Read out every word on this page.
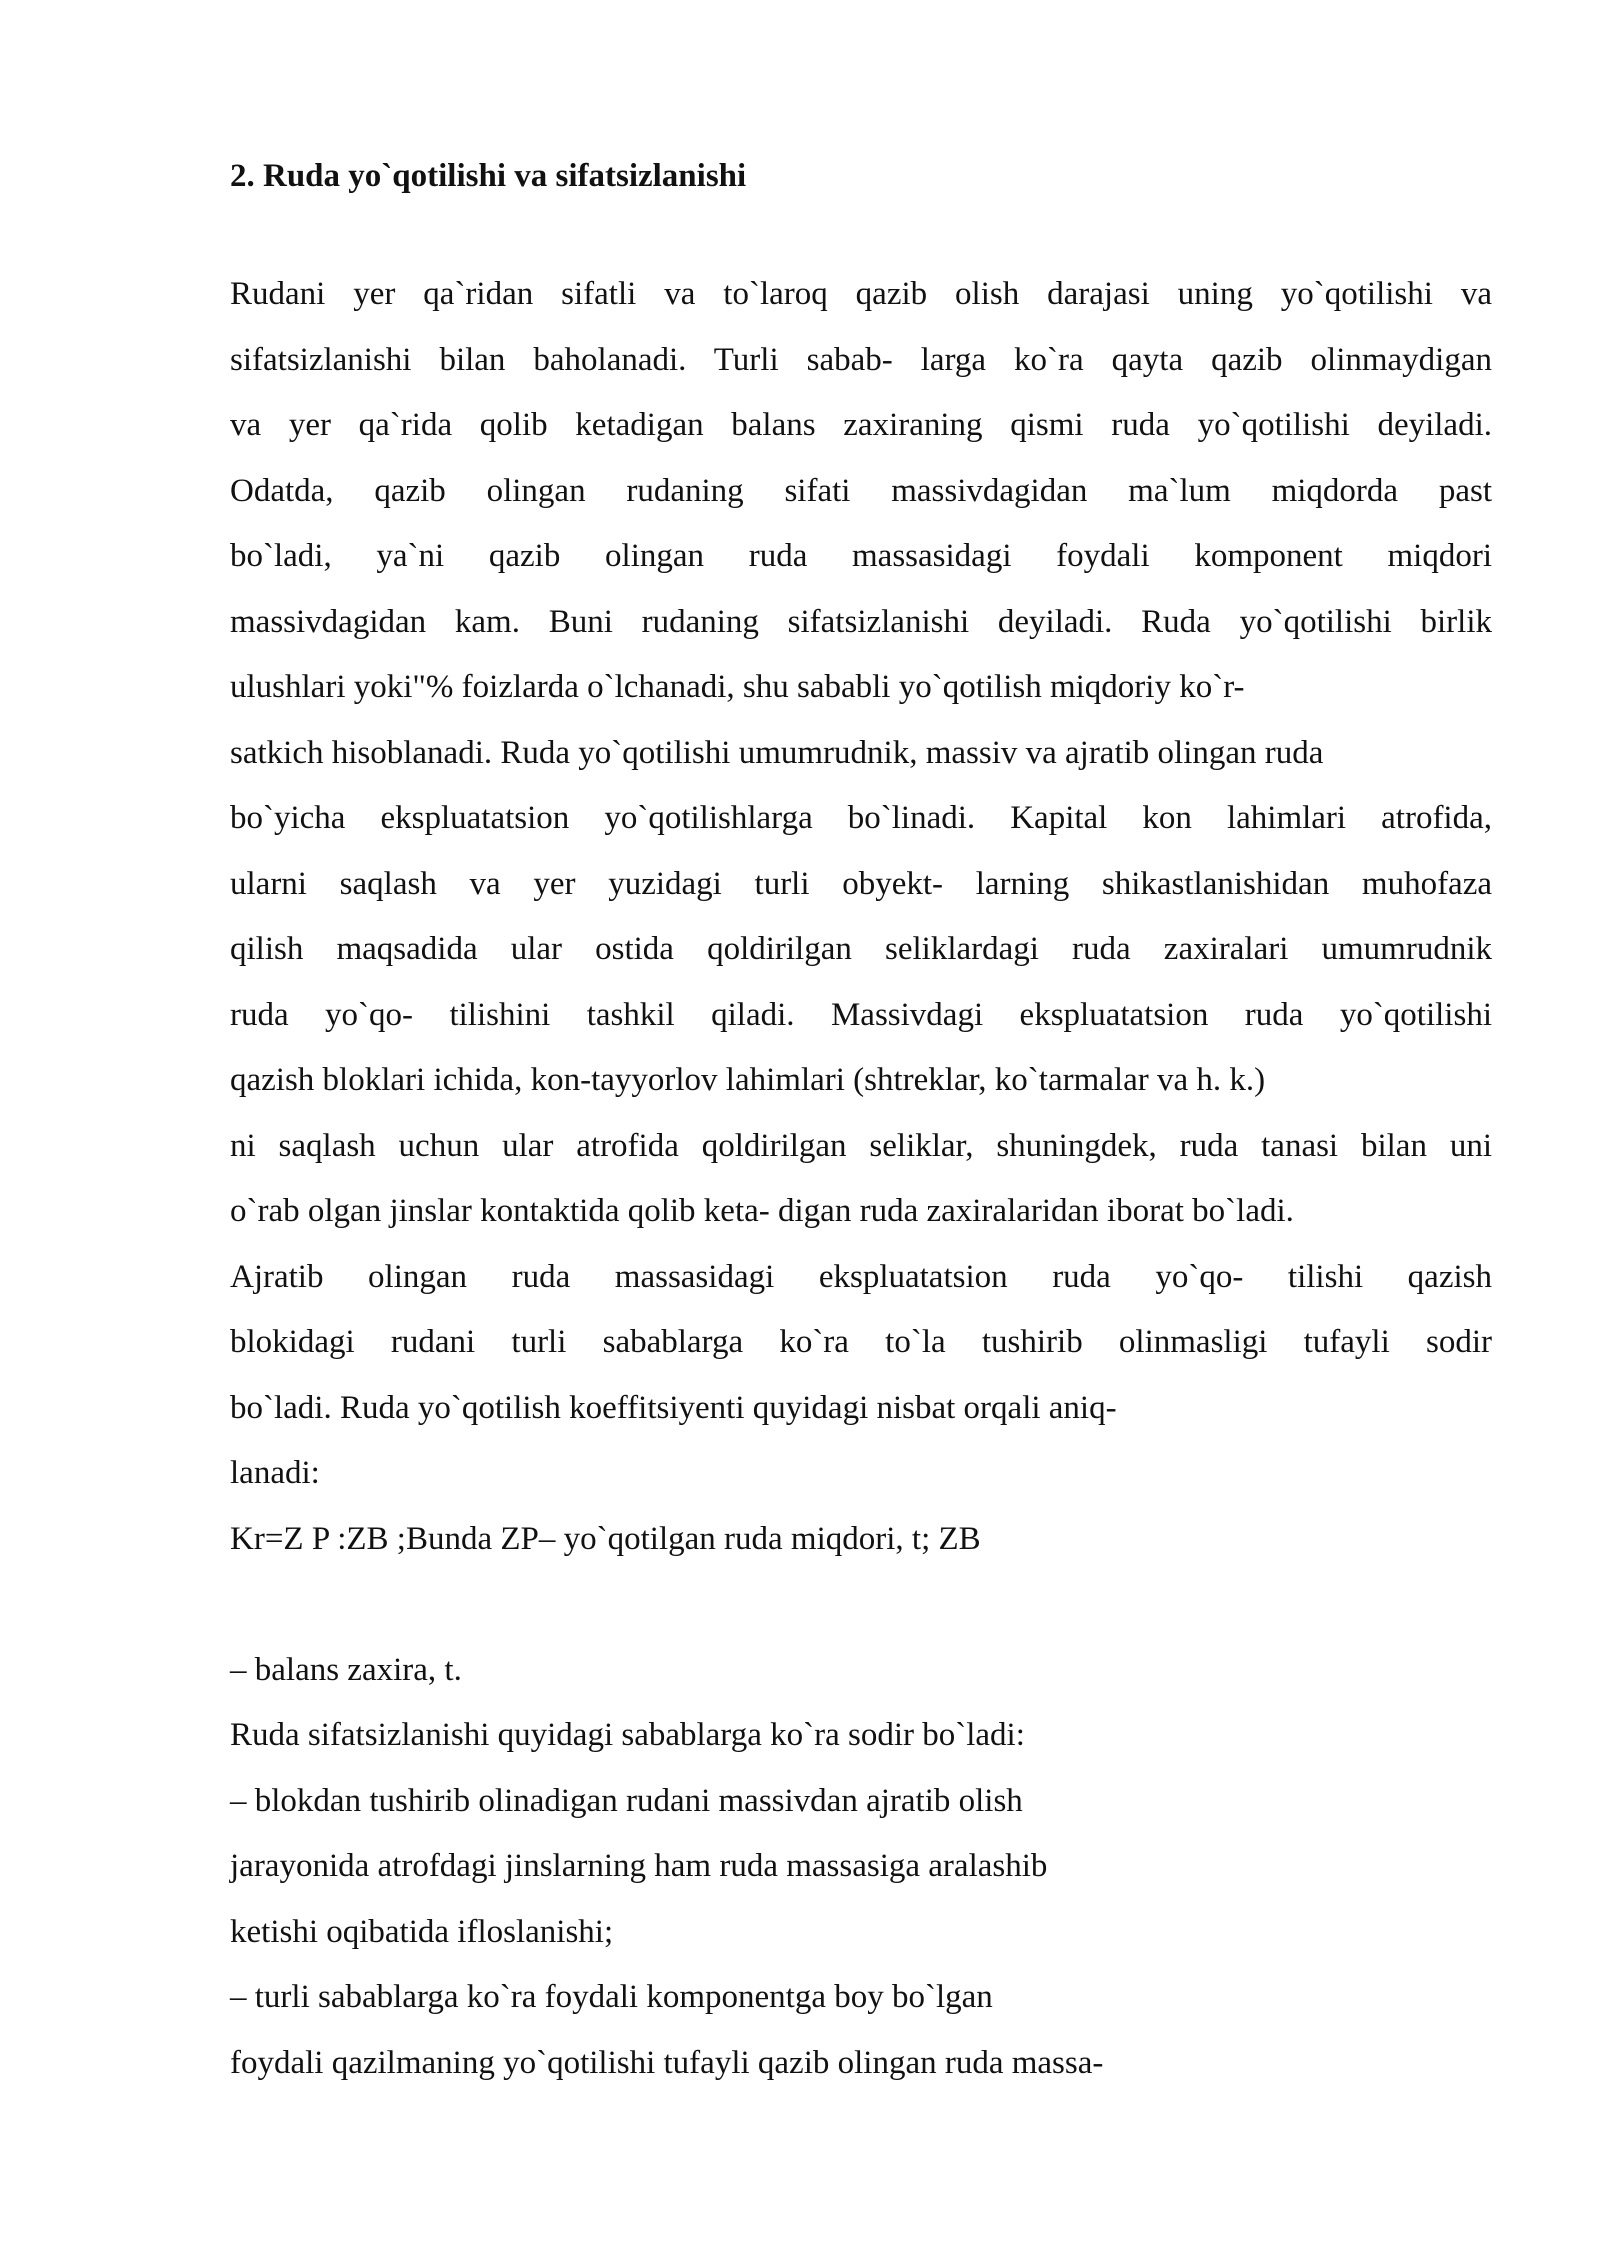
2. Ruda yo`qotilishi va sifatsizlanishi
Rudani yer qa`ridan sifatli va to`laroq qazib olish darajasi uning yo`qotilishi va
sifatsizlanishi bilan baholanadi. Turli sabab- larga ko`ra qayta qazib olinmaydigan
va yer qa`rida qolib ketadigan balans zaxiraning qismi ruda yo`qotilishi deyiladi.
Odatda, qazib olingan rudaning sifati massivdagidan ma`lum miqdorda past
bo`ladi, ya`ni qazib olingan ruda massasidagi foydali komponent miqdori
massivdagidan kam. Buni rudaning sifatsizlanishi deyiladi. Ruda yo`qotilishi birlik
ulushlari yoki"% foizlarda o`lchanadi, shu sababli yo`qotilish miqdoriy ko`r-
satkich hisoblanadi. Ruda yo`qotilishi umumrudnik, massiv va ajratib olingan ruda
bo`yicha ekspluatatsion yo`qotilishlarga bo`linadi. Kapital kon lahimlari atrofida,
ularni saqlash va yer yuzidagi turli obyekt- larning shikastlanishidan muhofaza
qilish maqsadida ular ostida qoldirilgan seliklardagi ruda zaxiralari umumrudnik
ruda yo`qo- tilishini tashkil qiladi. Massivdagi ekspluatatsion ruda yo`qotilishi
qazish bloklari ichida, kon-tayyorlov lahimlari (shtreklar, ko`tarmalar va h. k.)
ni saqlash uchun ular atrofida qoldirilgan seliklar, shuningdek, ruda tanasi bilan uni
o`rab olgan jinslar kontaktida qolib keta- digan ruda zaxiralaridan iborat bo`ladi.
Ajratib olingan ruda massasidagi ekspluatatsion ruda yo`qo- tilishi qazish
blokidagi rudani turli sabablarga ko`ra to`la tushirib olinmasligi tufayli sodir
bo`ladi. Ruda yo`qotilish koeffitsiyenti quyidagi nisbat orqali aniq-
lanadi:
Kr=Z P :ZB ;Bunda ZP– yo`qotilgan ruda miqdori, t; ZB
– balans zaxira, t.
Ruda sifatsizlanishi quyidagi sabablarga ko`ra sodir bo`ladi:
– blokdan tushirib olinadigan rudani massivdan ajratib olish
jarayonida atrofdagi jinslarning ham ruda massasiga aralashib
ketishi oqibatida ifloslanishi;
– turli sabablarga ko`ra foydali komponentga boy bo`lgan
foydali qazilmaning yo`qotilishi tufayli qazib olingan ruda massa-
